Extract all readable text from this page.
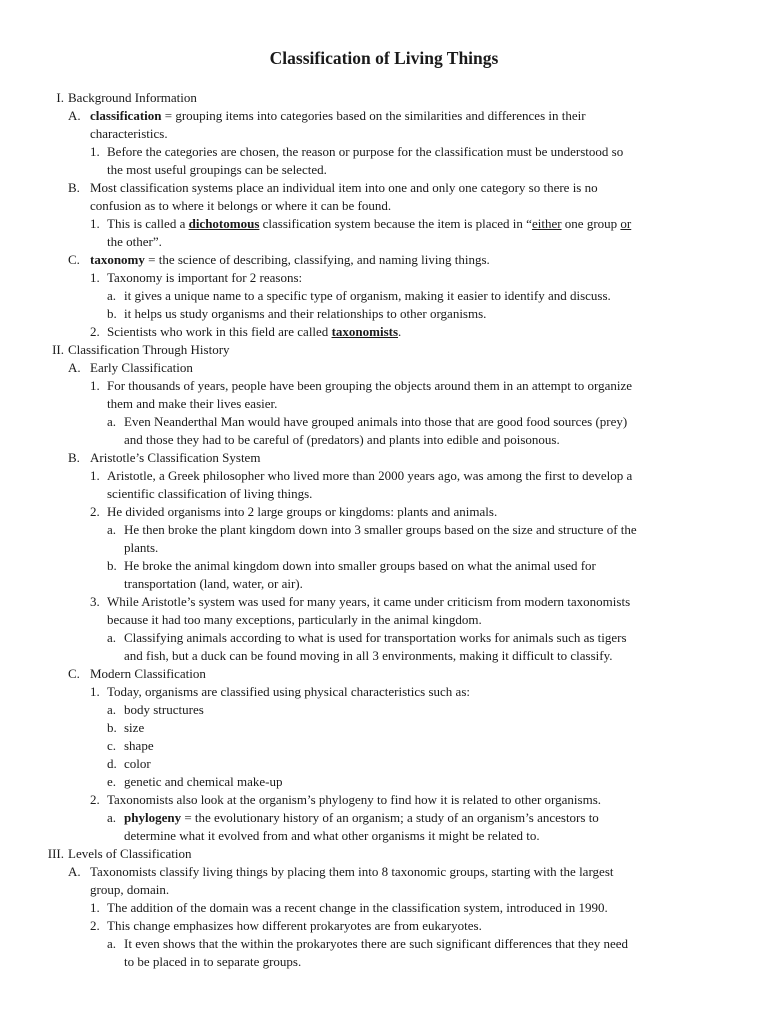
Classification of Living Things
I. Background Information
A. classification = grouping items into categories based on the similarities and differences in their
characteristics.
1. Before the categories are chosen, the reason or purpose for the classification must be understood so
the most useful groupings can be selected.
B. Most classification systems place an individual item into one and only one category so there is no
confusion as to where it belongs or where it can be found.
1. This is called a dichotomous classification system because the item is placed in “either one group or
the other”.
C. taxonomy = the science of describing, classifying, and naming living things.
1. Taxonomy is important for 2 reasons:
a. it gives a unique name to a specific type of organism, making it easier to identify and discuss.
b. it helps us study organisms and their relationships to other organisms.
2. Scientists who work in this field are called taxonomists.
II. Classification Through History
A. Early Classification
1. For thousands of years, people have been grouping the objects around them in an attempt to organize
them and make their lives easier.
a. Even Neanderthal Man would have grouped animals into those that are good food sources (prey)
and those they had to be careful of (predators) and plants into edible and poisonous.
B. Aristotle’s Classification System
1. Aristotle, a Greek philosopher who lived more than 2000 years ago, was among the first to develop a
scientific classification of living things.
2. He divided organisms into 2 large groups or kingdoms: plants and animals.
a. He then broke the plant kingdom down into 3 smaller groups based on the size and structure of the
plants.
b. He broke the animal kingdom down into smaller groups based on what the animal used for
transportation (land, water, or air).
3. While Aristotle’s system was used for many years, it came under criticism from modern taxonomists
because it had too many exceptions, particularly in the animal kingdom.
a. Classifying animals according to what is used for transportation works for animals such as tigers
and fish, but a duck can be found moving in all 3 environments, making it difficult to classify.
C. Modern Classification
1. Today, organisms are classified using physical characteristics such as:
a. body structures
b. size
c. shape
d. color
e. genetic and chemical make-up
2. Taxonomists also look at the organism’s phylogeny to find how it is related to other organisms.
a. phylogeny = the evolutionary history of an organism; a study of an organism’s ancestors to
determine what it evolved from and what other organisms it might be related to.
III. Levels of Classification
A. Taxonomists classify living things by placing them into 8 taxonomic groups, starting with the largest
group, domain.
1. The addition of the domain was a recent change in the classification system, introduced in 1990.
2. This change emphasizes how different prokaryotes are from eukaryotes.
a. It even shows that the within the prokaryotes there are such significant differences that they need
to be placed in to separate groups.
